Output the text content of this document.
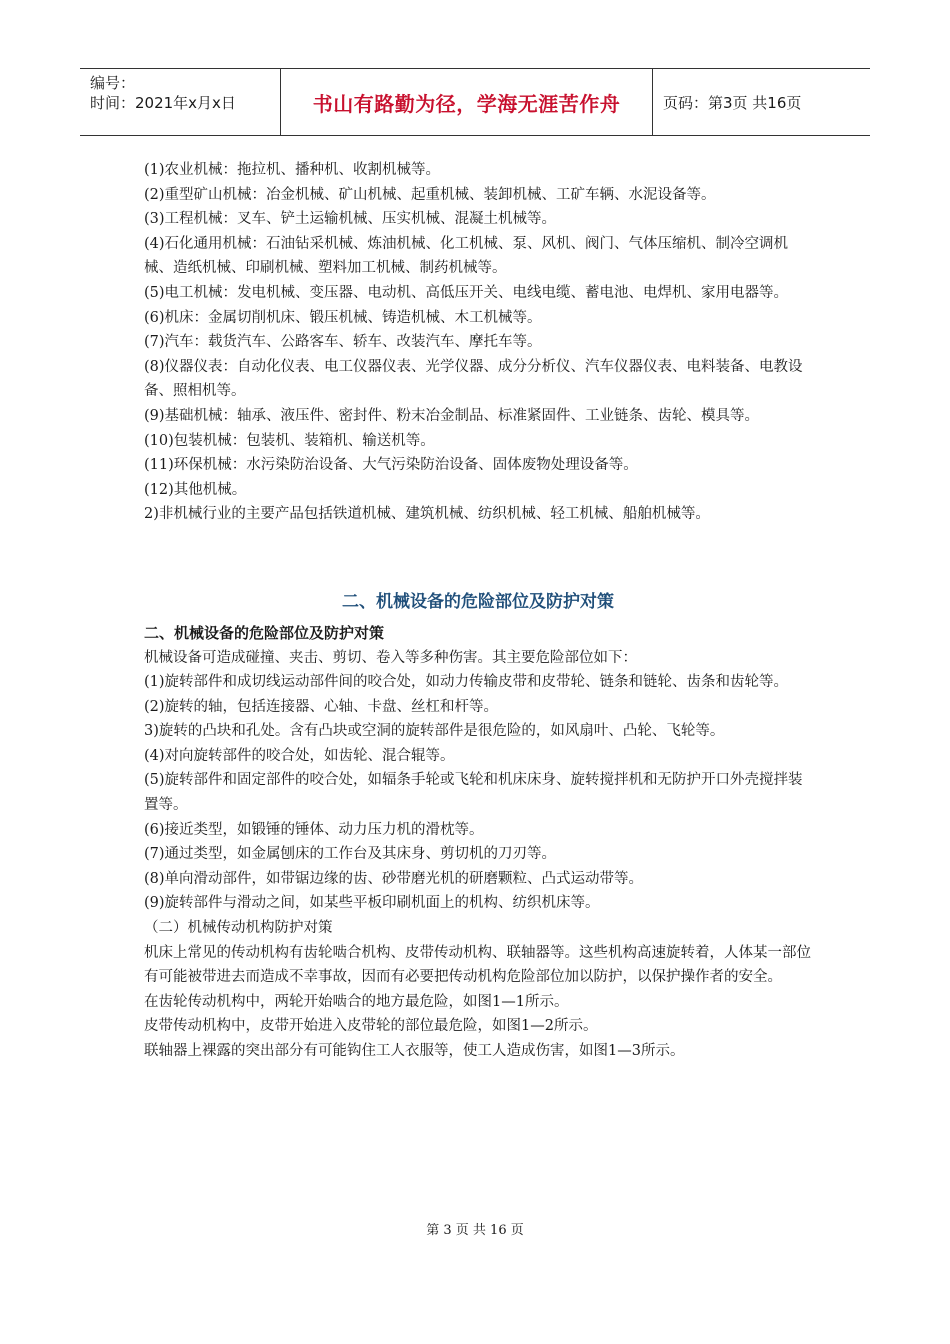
编号：
时间：2021年x月x日	书山有路勤为径，学海无涯苦作舟	页码：第3页 共16页

(1)农业机械：拖拉机、播种机、收割机械等。

(2)重型矿山机械：冶金机械、矿山机械、起重机械、装卸机械、工矿车辆、水泥设备等。

(3)工程机械：叉车、铲土运输机械、压实机械、混凝土机械等。

(4)石化通用机械：石油钻采机械、炼油机械、化工机械、泵、风机、阀门、气体压缩机、制冷空调机械、造纸机械、印刷机械、塑料加工机械、制药机械等。

(5)电工机械：发电机械、变压器、电动机、高低压开关、电线电缆、蓄电池、电焊机、家用电器等。

(6)机床：金属切削机床、锻压机械、铸造机械、木工机械等。

(7)汽车：载货汽车、公路客车、轿车、改装汽车、摩托车等。

(8)仪器仪表：自动化仪表、电工仪器仪表、光学仪器、成分分析仪、汽车仪器仪表、电料装备、电教设备、照相机等。

(9)基础机械：轴承、液压件、密封件、粉末冶金制品、标准紧固件、工业链条、齿轮、模具等。

(10)包装机械：包装机、装箱机、输送机等。

(11)环保机械：水污染防治设备、大气污染防治设备、固体废物处理设备等。

(12)其他机械。

2)非机械行业的主要产品包括铁道机械、建筑机械、纺织机械、轻工机械、船舶机械等。

二、机械设备的危险部位及防护对策

二、机械设备的危险部位及防护对策

机械设备可造成碰撞、夹击、剪切、卷入等多种伤害。其主要危险部位如下：

(1)旋转部件和成切线运动部件间的咬合处，如动力传输皮带和皮带轮、链条和链轮、齿条和齿轮等。

(2)旋转的轴，包括连接器、心轴、卡盘、丝杠和杆等。

3)旋转的凸块和孔处。含有凸块或空洞的旋转部件是很危险的，如风扇叶、凸轮、飞轮等。

(4)对向旋转部件的咬合处，如齿轮、混合辊等。

(5)旋转部件和固定部件的咬合处，如辐条手轮或飞轮和机床床身、旋转搅拌机和无防护开口外壳搅拌装置等。

(6)接近类型，如锻锤的锤体、动力压力机的滑枕等。

(7)通过类型，如金属刨床的工作台及其床身、剪切机的刀刃等。

(8)单向滑动部件，如带锯边缘的齿、砂带磨光机的研磨颗粒、凸式运动带等。

(9)旋转部件与滑动之间，如某些平板印刷机面上的机构、纺织机床等。

（二）机械传动机构防护对策

机床上常见的传动机构有齿轮啮合机构、皮带传动机构、联轴器等。这些机构高速旋转着，人体某一部位有可能被带进去而造成不幸事故，因而有必要把传动机构危险部位加以防护，以保护操作者的安全。

在齿轮传动机构中，两轮开始啮合的地方最危险，如图1—1所示。

皮带传动机构中，皮带开始进入皮带轮的部位最危险，如图1—2所示。

联轴器上裸露的突出部分有可能钩住工人衣服等，使工人造成伤害，如图1—3所示。

第 3 页 共 16 页
